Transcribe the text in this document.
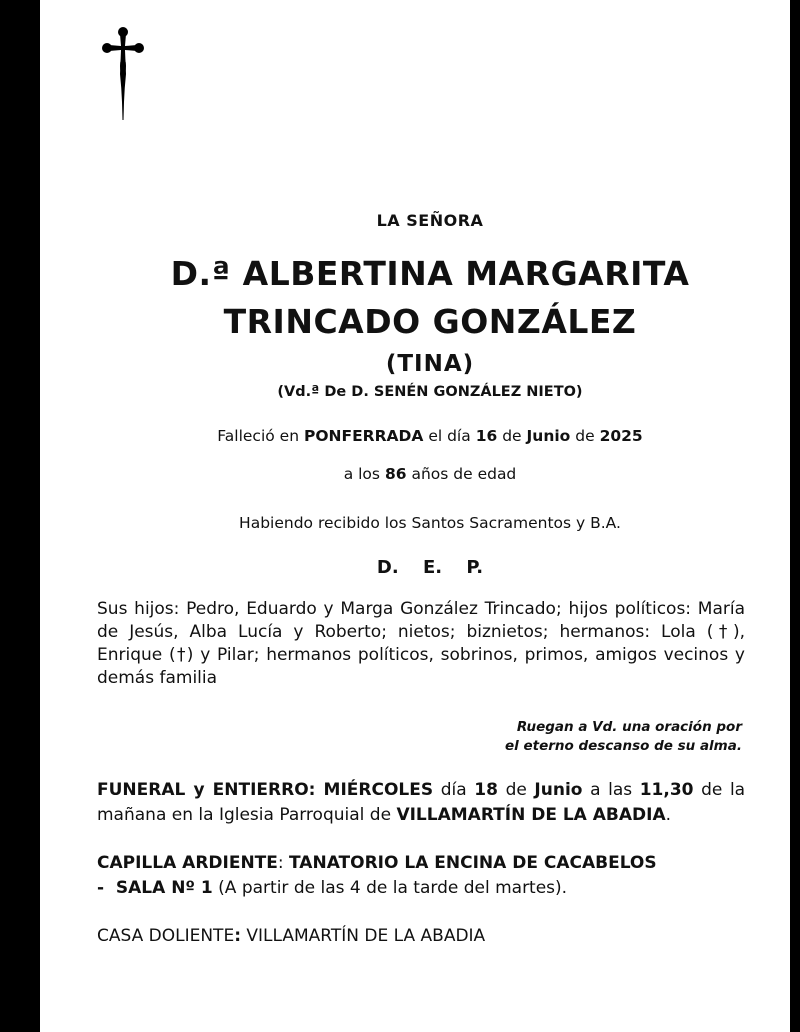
LA SEÑORA
D.ª ALBERTINA MARGARITA
TRINCADO GONZÁLEZ
(TINA)
(Vd.ª De D. SENÉN GONZÁLEZ NIETO)
Falleció en PONFERRADA el día 16 de Junio de 2025
a los 86 años de edad
Habiendo recibido los Santos Sacramentos y B.A.
D. E. P.
Sus hijos: Pedro, Eduardo y Marga González Trincado; hijos políticos: María de Jesús, Alba Lucía y Roberto; nietos; biznietos; hermanos: Lola (†), Enrique (†) y Pilar; hermanos políticos, sobrinos, primos, amigos vecinos y demás familia
Ruegan a Vd. una oración por
el eterno descanso de su alma.
FUNERAL y ENTIERRO: MIÉRCOLES día 18 de Junio a las 11,30 de la mañana en la Iglesia Parroquial de VILLAMARTÍN DE LA ABADIA.
CAPILLA ARDIENTE: TANATORIO LA ENCINA DE CACABELOS
-  SALA Nº 1 (A partir de las 4 de la tarde del martes).
CASA DOLIENTE: VILLAMARTÍN DE LA ABADIA
